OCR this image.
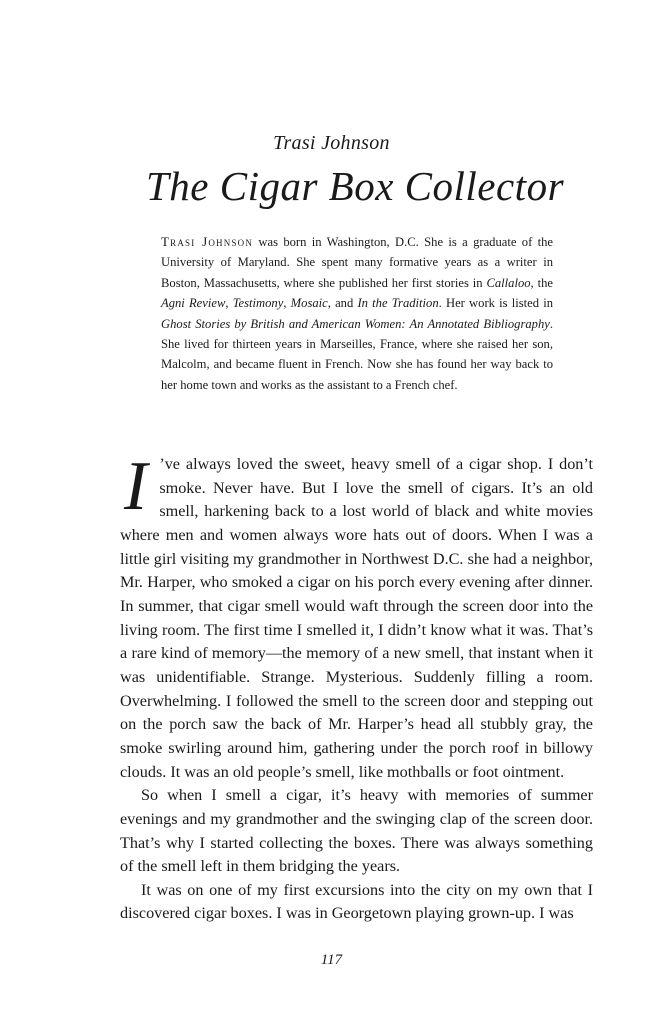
Trasi Johnson
The Cigar Box Collector
Trasi Johnson was born in Washington, D.C. She is a graduate of the University of Maryland. She spent many formative years as a writer in Boston, Massachusetts, where she published her first stories in Callaloo, the Agni Review, Testimony, Mosaic, and In the Tradition. Her work is listed in Ghost Stories by British and American Women: An Annotated Bibliography. She lived for thirteen years in Marseilles, France, where she raised her son, Malcolm, and became fluent in French. Now she has found her way back to her home town and works as the assistant to a French chef.

I ’ve always loved the sweet, heavy smell of a cigar shop. I don’t smoke. Never have. But I love the smell of cigars. It’s an old smell, harkening back to a lost world of black and white movies where men and women always wore hats out of doors. When I was a little girl visiting my grandmother in Northwest D.C. she had a neighbor, Mr. Harper, who smoked a cigar on his porch every evening after dinner. In summer, that cigar smell would waft through the screen door into the living room. The first time I smelled it, I didn’t know what it was. That’s a rare kind of memory—the memory of a new smell, that instant when it was unidentifiable. Strange. Mysterious. Suddenly filling a room. Overwhelming. I followed the smell to the screen door and stepping out on the porch saw the back of Mr. Harper’s head all stubbly gray, the smoke swirling around him, gathering under the porch roof in billowy clouds. It was an old people’s smell, like mothballs or foot ointment.

So when I smell a cigar, it’s heavy with memories of summer evenings and my grandmother and the swinging clap of the screen door. That’s why I started collecting the boxes. There was always something of the smell left in them bridging the years.

It was on one of my first excursions into the city on my own that I discovered cigar boxes. I was in Georgetown playing grown-up. I was

117
